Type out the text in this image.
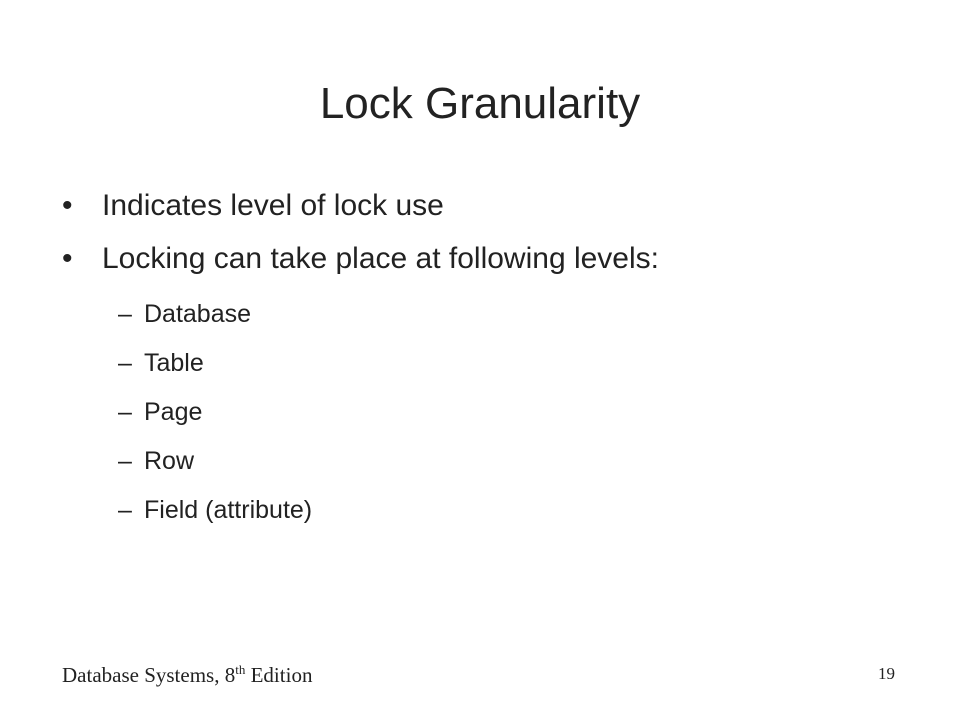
Lock Granularity
• Indicates level of lock use
• Locking can take place at following levels:
– Database
– Table
– Page
– Row
– Field (attribute)
Database Systems, 8th Edition	19
